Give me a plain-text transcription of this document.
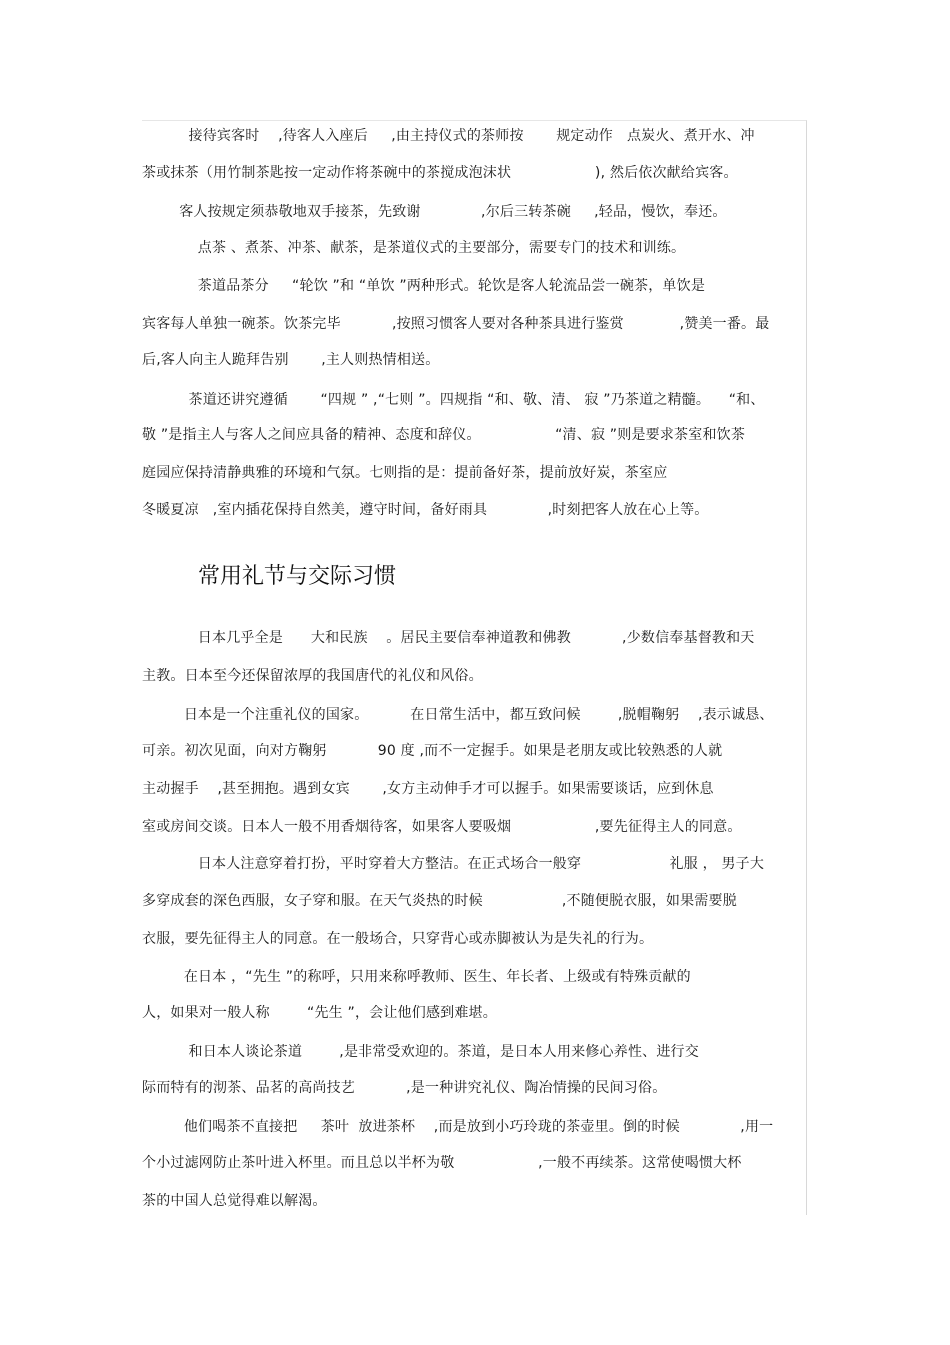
接待宾客时    ,待客人入座后     ,由主持仪式的茶师按       规定动作   点炭火、煮开水、冲
茶或抹茶（用竹制茶匙按一定动作将茶碗中的茶搅成泡沫状                  ), 然后依次献给宾客。
客人按规定须恭敬地双手接茶，先致谢             ,尔后三转茶碗     ,轻品，慢饮，奉还。
点茶 、煮茶、冲茶、献茶，是茶道仪式的主要部分，需要专门的技术和训练。
茶道品茶分     “轮饮 ”和 “单饮 ”两种形式。轮饮是客人轮流品尝一碗茶，单饮是
宾客每人单独一碗茶。饮茶完毕           ,按照习惯客人要对各种茶具进行鉴赏            ,赞美一番。最
后,客人向主人跪拜告别       ,主人则热情相送。
茶道还讲究遵循       “四规 ” ,“七则 ”。四规指 “和、敬、清、 寂 ”乃茶道之精髓。    “和、
敬 ”是指主人与客人之间应具备的精神、态度和辞仪。                “清、寂 ”则是要求茶室和饮茶
庭园应保持清静典雅的环境和气氛。七则指的是：提前备好茶，提前放好炭，茶室应
冬暖夏凉   ,室内插花保持自然美，遵守时间，备好雨具             ,时刻把客人放在心上等。
常用礼节与交际习惯
日本几乎全是      大和民族    。居民主要信奉神道教和佛教           ,少数信奉基督教和天
主教。日本至今还保留浓厚的我国唐代的礼仪和风俗。
日本是一个注重礼仪的国家。         在日常生活中，都互致问候        ,脱帽鞠躬    ,表示诚恳、
可亲。初次见面，向对方鞠躬           90 度 ,而不一定握手。如果是老朋友或比较熟悉的人就
主动握手    ,甚至拥抱。遇到女宾       ,女方主动伸手才可以握手。如果需要谈话，应到休息
室或房间交谈。日本人一般不用香烟待客，如果客人要吸烟                  ,要先征得主人的同意。
日本人注意穿着打扮，平时穿着大方整洁。在正式场合一般穿                   礼服 ， 男子大
多穿成套的深色西服，女子穿和服。在天气炎热的时候                 ,不随便脱衣服，如果需要脱
衣服，要先征得主人的同意。在一般场合，只穿背心或赤脚被认为是失礼的行为。
在日本 ，“先生 ”的称呼，只用来称呼教师、医生、年长者、上级或有特殊贡献的
人，如果对一般人称        “先生 ”，会让他们感到难堪。
和日本人谈论茶道        ,是非常受欢迎的。茶道，是日本人用来修心养性、进行交
际而特有的沏茶、品茗的高尚技艺           ,是一种讲究礼仪、陶冶情操的民间习俗。
他们喝茶不直接把     茶叶  放进茶杯    ,而是放到小巧玲珑的茶壶里。倒的时候             ,用一
个小过滤网防止茶叶进入杯里。而且总以半杯为敬                  ,一般不再续茶。这常使喝惯大杯
茶的中国人总觉得难以解渴。
